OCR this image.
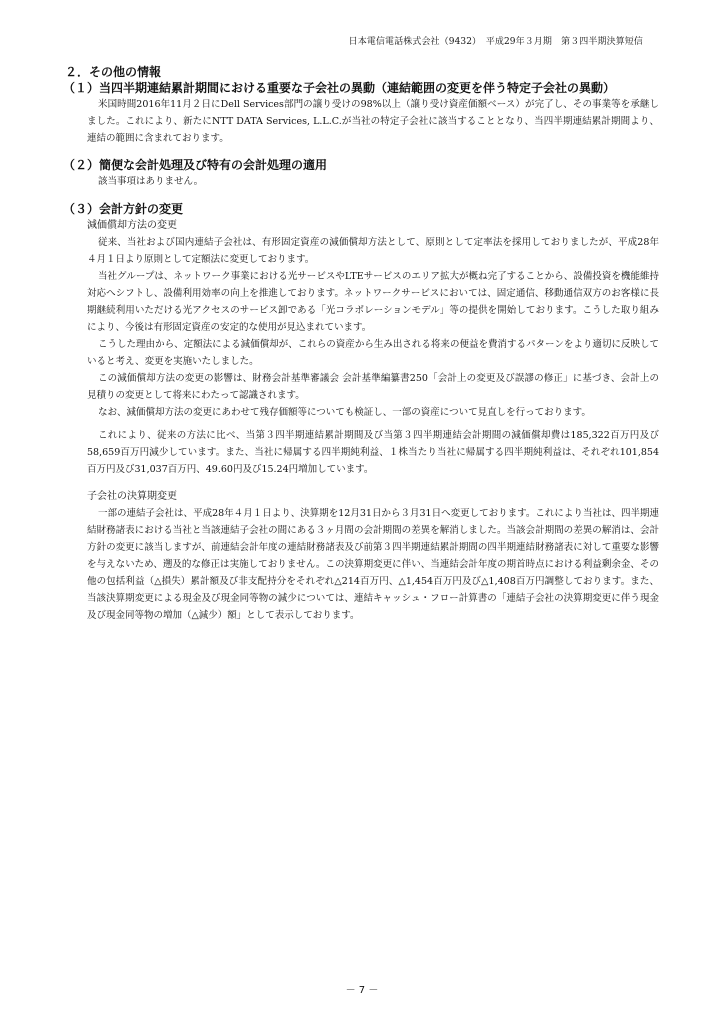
日本電信電話株式会社（9432）　平成29年３月期　第３四半期決算短信
２．その他の情報
（１）当四半期連結累計期間における重要な子会社の異動（連結範囲の変更を伴う特定子会社の異動）
米国時間2016年11月２日にDell Services部門の譲り受けの98%以上（譲り受け資産価額ベース）が完了し、その事業等を承継しました。これにより、新たにNTT DATA Services, L.L.C.が当社の特定子会社に該当することとなり、当四半期連結累計期間より、連結の範囲に含まれております。
（２）簡便な会計処理及び特有の会計処理の適用
該当事項はありません。
（３）会計方針の変更
減価償却方法の変更
従来、当社および国内連結子会社は、有形固定資産の減価償却方法として、原則として定率法を採用しておりましたが、平成28年４月１日より原則として定額法に変更しております。
当社グループは、ネットワーク事業における光サービスやLTEサービスのエリア拡大が概ね完了することから、設備投資を機能維持対応へシフトし、設備利用効率の向上を推進しております。ネットワークサービスにおいては、固定通信、移動通信双方のお客様に長期継続利用いただける光アクセスのサービス卸である「光コラボレーションモデル」等の提供を開始しております。こうした取り組みにより、今後は有形固定資産の安定的な使用が見込まれています。
こうした理由から、定額法による減価償却が、これらの資産から生み出される将来の便益を費消するパターンをより適切に反映していると考え、変更を実施いたしました。
この減価償却方法の変更の影響は、財務会計基準審議会 会計基準編纂書250「会計上の変更及び誤謬の修正」に基づき、会計上の見積りの変更として将来にわたって認識されます。
なお、減価償却方法の変更にあわせて残存価額等についても検証し、一部の資産について見直しを行っております。
これにより、従来の方法に比べ、当第３四半期連結累計期間及び当第３四半期連結会計期間の減価償却費は185,322百万円及び58,659百万円減少しています。また、当社に帰属する四半期純利益、１株当たり当社に帰属する四半期純利益は、それぞれ101,854百万円及び31,037百万円、49.60円及び15.24円増加しています。
子会社の決算期変更
一部の連結子会社は、平成28年４月１日より、決算期を12月31日から３月31日へ変更しております。これにより当社は、四半期連結財務諸表における当社と当該連結子会社の間にある３ヶ月間の会計期間の差異を解消しました。当該会計期間の差異の解消は、会計方針の変更に該当しますが、前連結会計年度の連結財務諸表及び前第３四半期連結累計期間の四半期連結財務諸表に対して重要な影響を与えないため、遡及的な修正は実施しておりません。この決算期変更に伴い、当連結会計年度の期首時点における利益剰余金、その他の包括利益（△損失）累計額及び非支配持分をそれぞれ△214百万円、△1,454百万円及び△1,408百万円調整しております。また、当該決算期変更による現金及び現金同等物の減少については、連結キャッシュ・フロー計算書の「連結子会社の決算期変更に伴う現金及び現金同等物の増加（△減少）額」として表示しております。
－ 7 －
